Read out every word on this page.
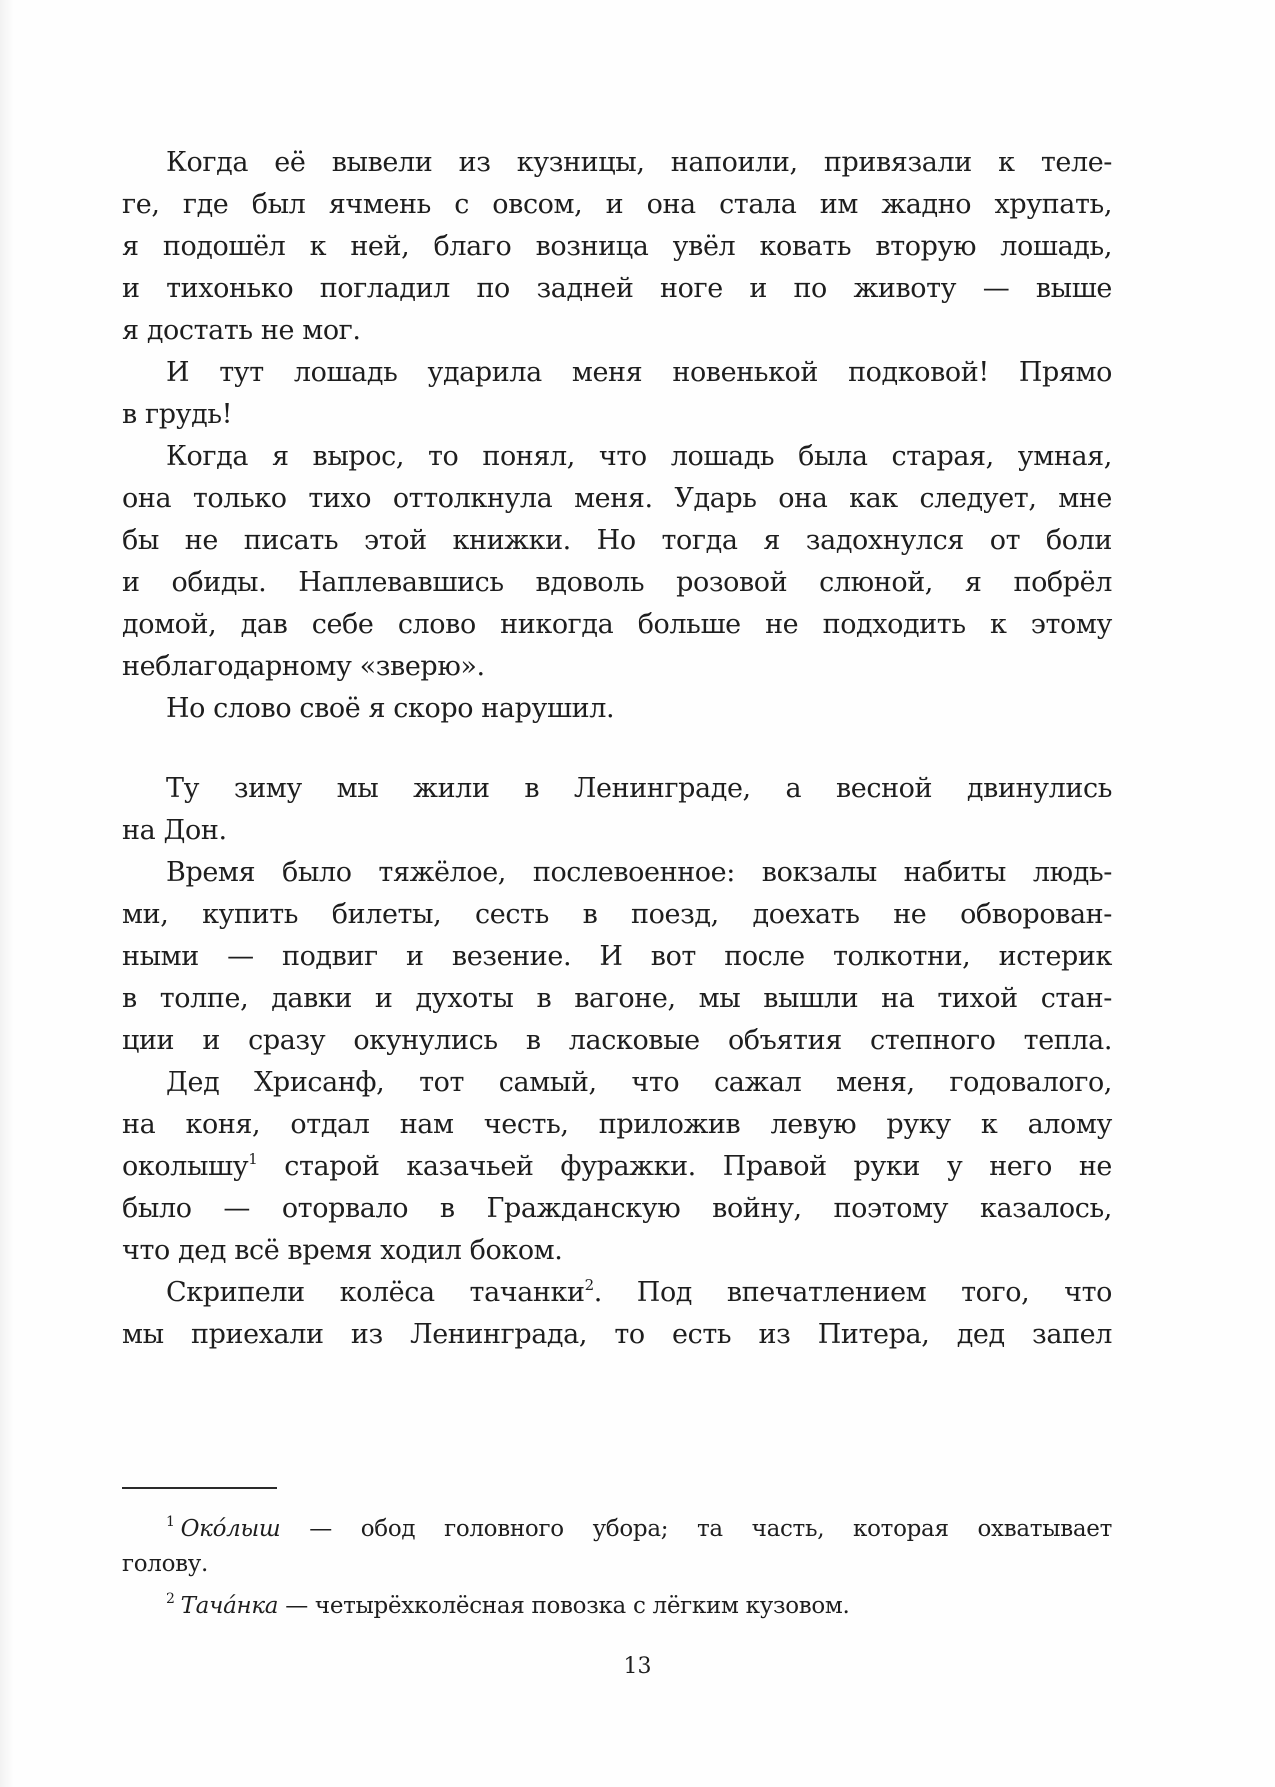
Когда её вывели из кузницы, напоили, привязали к теле-
ге, где был ячмень с овсом, и она стала им жадно хрупать,
я подошёл к ней, благо возница увёл ковать вторую лошадь,
и тихонько погладил по задней ноге и по животу — выше
я достать не мог.
И тут лошадь ударила меня новенькой подковой! Прямо
в грудь!
Когда я вырос, то понял, что лошадь была старая, умная,
она только тихо оттолкнула меня. Ударь она как следует, мне
бы не писать этой книжки. Но тогда я задохнулся от боли
и обиды. Наплевавшись вдоволь розовой слюной, я побрёл
домой, дав себе слово никогда больше не подходить к этому
неблагодарному «зверю».
Но слово своё я скоро нарушил.
Ту зиму мы жили в Ленинграде, а весной двинулись
на Дон.
Время было тяжёлое, послевоенное: вокзалы набиты людь-
ми, купить билеты, сесть в поезд, доехать не обворован-
ными — подвиг и везение. И вот после толкотни, истерик
в толпе, давки и духоты в вагоне, мы вышли на тихой стан-
ции и сразу окунулись в ласковые объятия степного тепла.
Дед Хрисанф, тот самый, что сажал меня, годовалого,
на коня, отдал нам честь, приложив левую руку к алому
околышу$^1$ старой казачьей фуражки. Правой руки у него не
было — оторвало в Гражданскую войну, поэтому казалось,
что дед всё время ходил боком.
Скрипели колёса тачанки$^2$. Под впечатлением того, что
мы приехали из Ленинграда, то есть из Питера, дед запел
$^1$ Око́лыш — обод головного убора; та часть, которая охватывает
голову.
$^2$ Тача́нка — четырёхколёсная повозка с лёгким кузовом.
13
